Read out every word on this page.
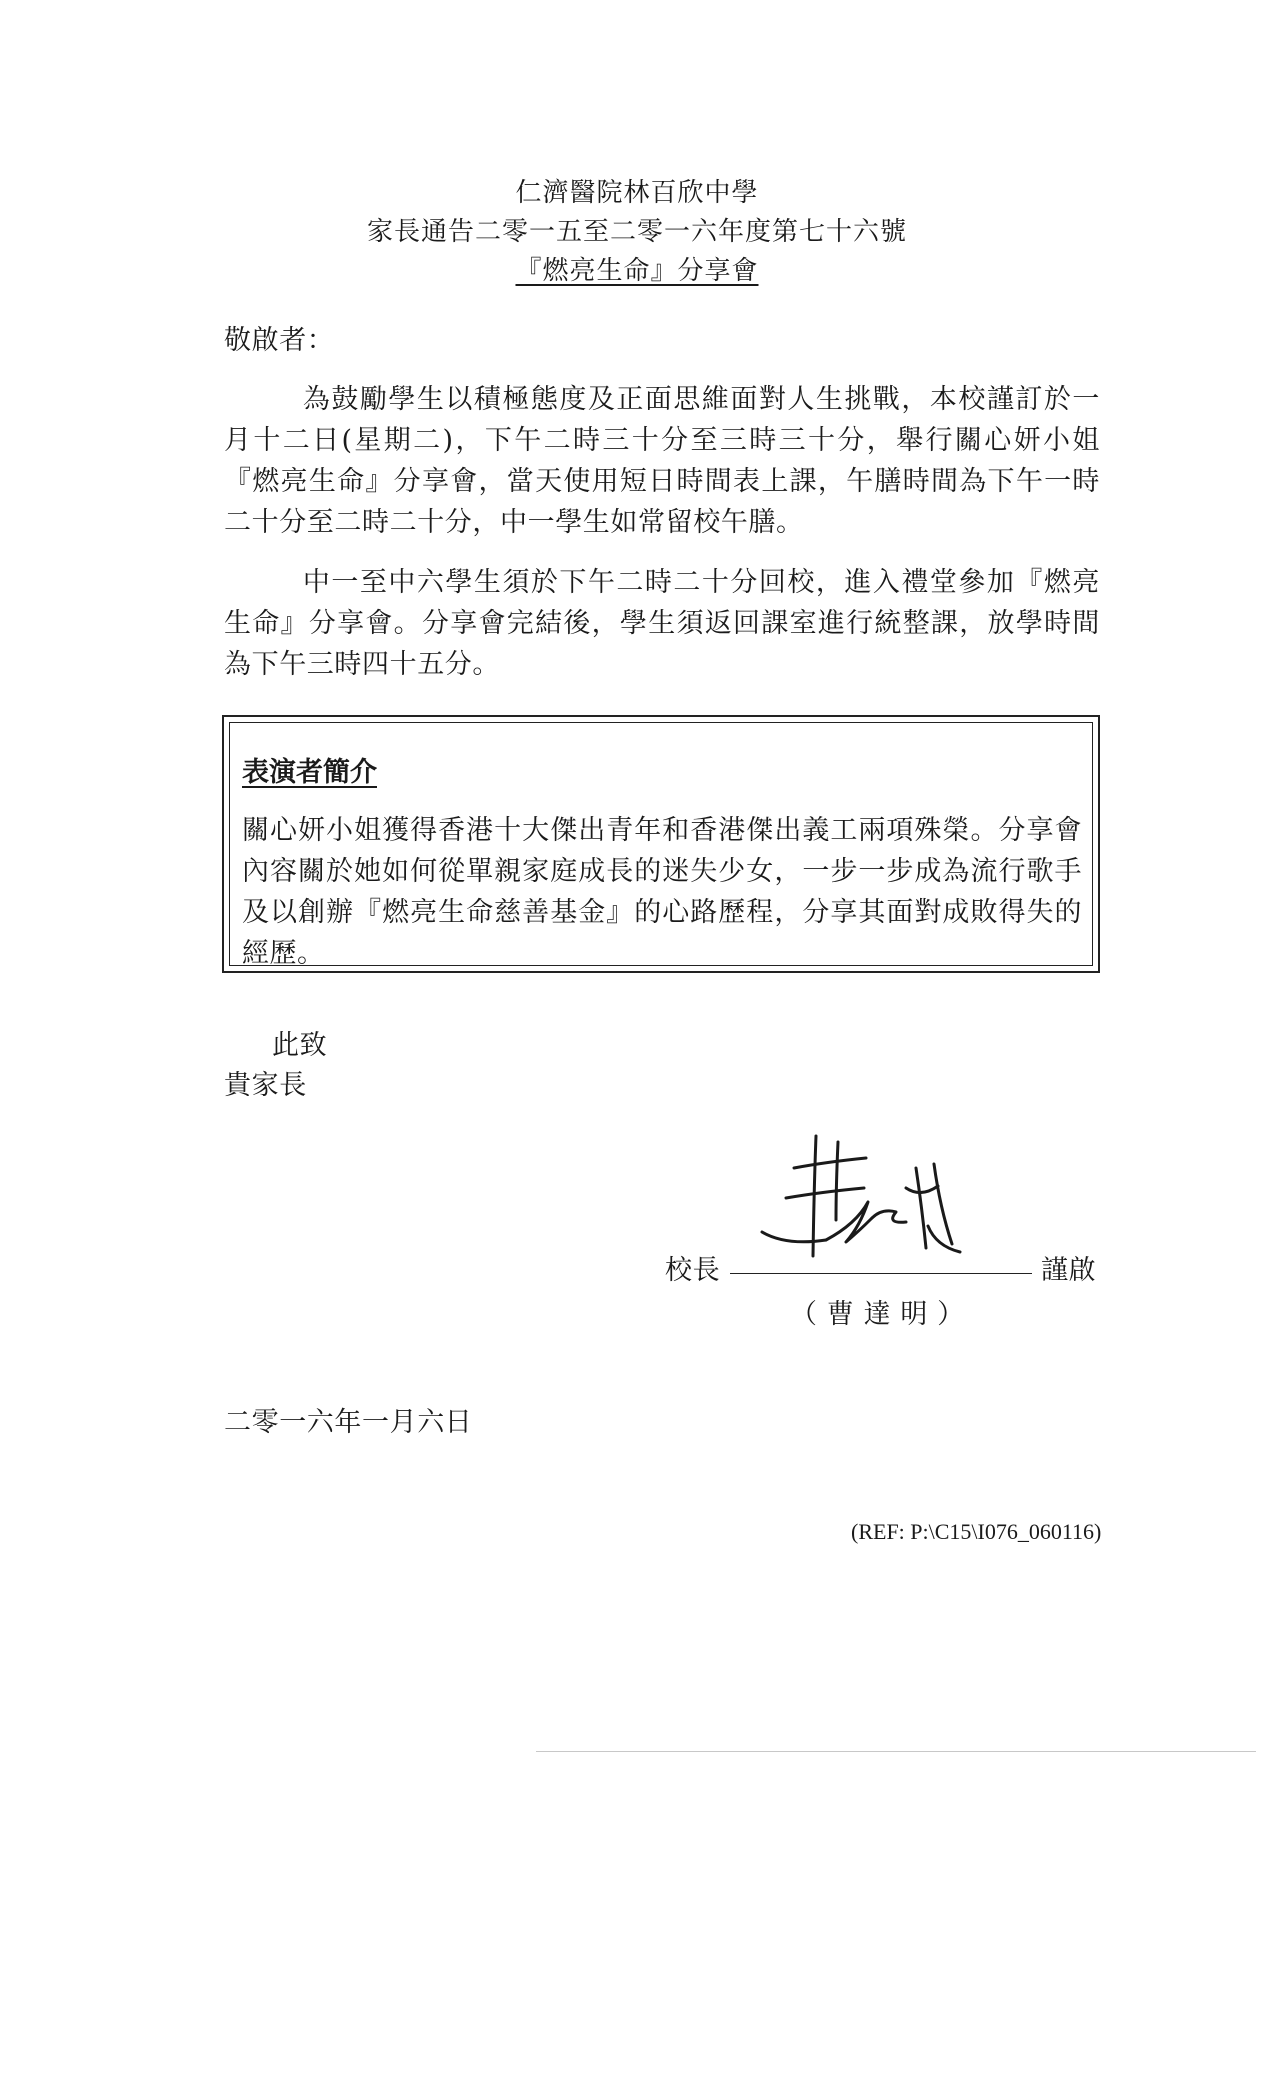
仁濟醫院林百欣中學

家長通告二零一五至二零一六年度第七十六號

『燃亮生命』分享會

敬啟者：

為鼓勵學生以積極態度及正面思維面對人生挑戰，本校謹訂於一月十二日(星期二)，下午二時三十分至三時三十分，舉行關心妍小姐『燃亮生命』分享會，當天使用短日時間表上課，午膳時間為下午一時二十分至二時二十分，中一學生如常留校午膳。

中一至中六學生須於下午二時二十分回校，進入禮堂參加『燃亮生命』分享會。分享會完結後，學生須返回課室進行統整課，放學時間為下午三時四十五分。

表演者簡介

關心妍小姐獲得香港十大傑出青年和香港傑出義工兩項殊榮。分享會內容關於她如何從單親家庭成長的迷失少女，一步一步成為流行歌手及以創辦『燃亮生命慈善基金』的心路歷程，分享其面對成敗得失的經歷。

此致

貴家長

校長	謹啟

（ 曹 達 明 ）

二零一六年一月六日

(REF: P:\C15\I076_060116)
